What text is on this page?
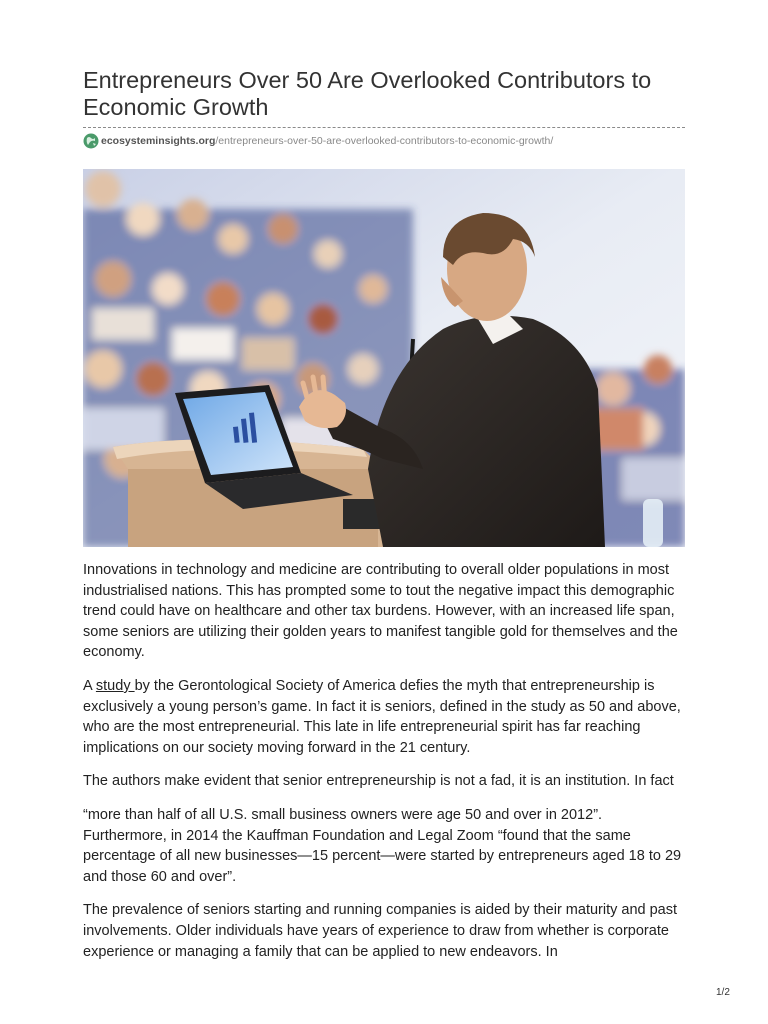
Entrepreneurs Over 50 Are Overlooked Contributors to Economic Growth
ecosysteminsights.org/entrepreneurs-over-50-are-overlooked-contributors-to-economic-growth/

Innovations in technology and medicine are contributing to overall older populations in most industrialised nations. This has prompted some to tout the negative impact this demographic trend could have on healthcare and other tax burdens. However, with an increased life span, some seniors are utilizing their golden years to manifest tangible gold for themselves and the economy.

A study by the Gerontological Society of America defies the myth that entrepreneurship is exclusively a young person’s game. In fact it is seniors, defined in the study as 50 and above, who are the most entrepreneurial. This late in life entrepreneurial spirit has far reaching implications on our society moving forward in the 21 century.

The authors make evident that senior entrepreneurship is not a fad, it is an institution. In fact

“more than half of all U.S. small business owners were age 50 and over in 2012”. Furthermore, in 2014 the Kauffman Foundation and Legal Zoom “found that the same percentage of all new businesses—15 percent—were started by entrepreneurs aged 18 to 29 and those 60 and over”.

The prevalence of seniors starting and running companies is aided by their maturity and past involvements. Older individuals have years of experience to draw from whether is corporate experience or managing a family that can be applied to new endeavors. In

1/2
